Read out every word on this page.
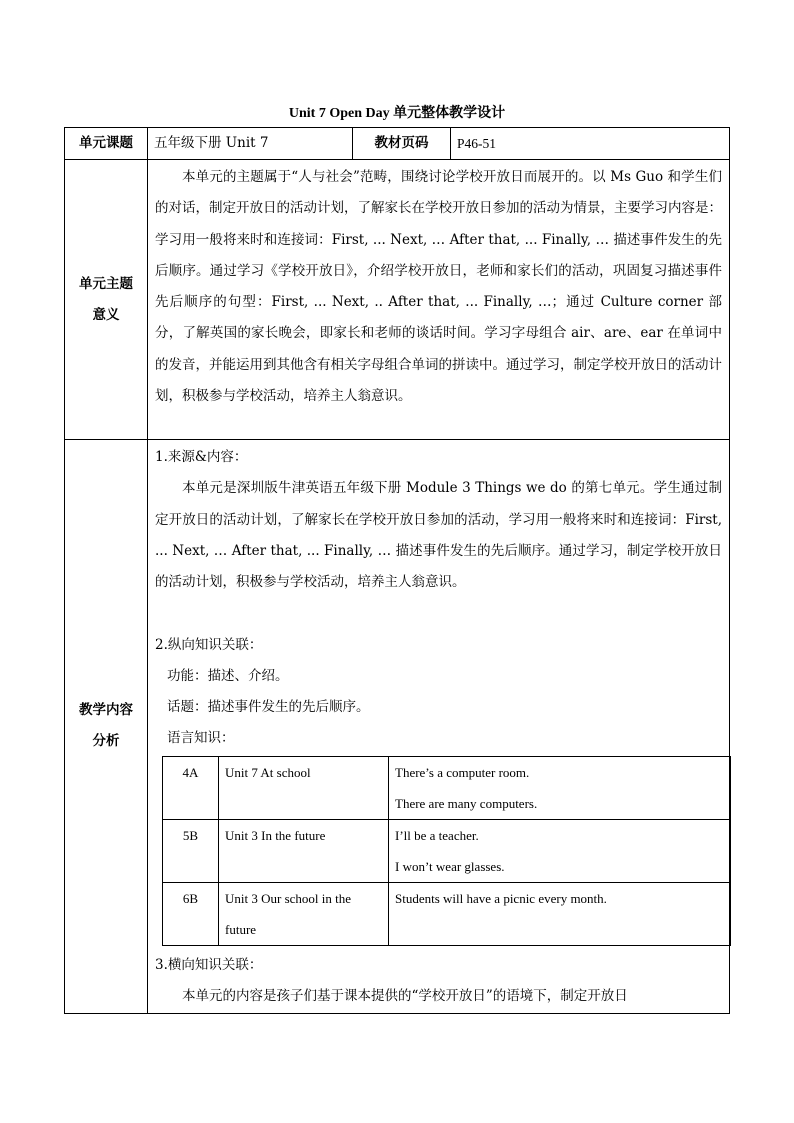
Unit 7 Open Day 单元整体教学设计
单元课题	五年级下册 Unit 7	教材页码	P46-51

单元主题
意义

本单元的主题属于“人与社会”范畴，围绕讨论学校开放日而展开的。以 Ms Guo 和学生们的对话，制定开放日的活动计划，了解家长在学校开放日参加的活动为情景，主要学习内容是：学习用一般将来时和连接词：First, ... Next, … After that, ... Finally, … 描述事件发生的先后顺序。通过学习《学校开放日》，介绍学校开放日，老师和家长们的活动，巩固复习描述事件先后顺序的句型：First, ... Next, .. After that, ... Finally, …；通过 Culture corner 部分，了解英国的家长晚会，即家长和老师的谈话时间。学习字母组合 air、are、ear 在单词中的发音，并能运用到其他含有相关字母组合单词的拼读中。通过学习，制定学校开放日的活动计划，积极参与学校活动，培养主人翁意识。

教学内容
分析

1.来源&内容：

本单元是深圳版牛津英语五年级下册 Module 3 Things we do 的第七单元。学生通过制定开放日的活动计划，了解家长在学校开放日参加的活动，学习用一般将来时和连接词：First, ... Next, … After that, ... Finally, … 描述事件发生的先后顺序。通过学习，制定学校开放日的活动计划，积极参与学校活动，培养主人翁意识。

2.纵向知识关联：

功能：描述、介绍。

话题：描述事件发生的先后顺序。

语言知识：

4A	Unit 7 At school	There’s a computer room.
There are many computers.

5B	Unit 3 In the future	I’ll be a teacher.
I won’t wear glasses.

6B	Unit 3 Our school in the future	
Students will have a picnic every month.

3.横向知识关联：

本单元的内容是孩子们基于课本提供的“学校开放日”的语境下，制定开放日
